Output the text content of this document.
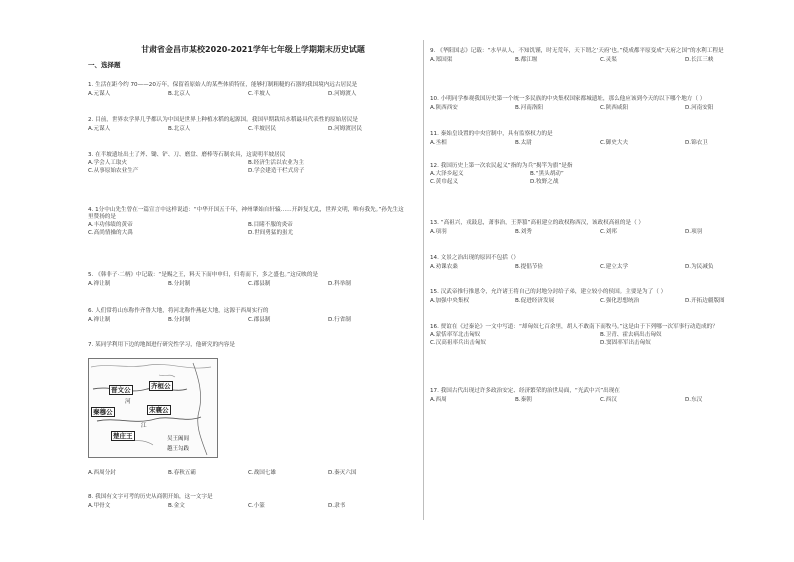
甘肃省金昌市某校2020-2021学年七年级上学期期末历史试题
一、选择题
1. 生活在距今约 70——20万年，保留着原始人的某些体质特征，能够打制粗糙的石器的我国境内远古居民是
A.元谋人	B.北京人	C.半坡人	D.河姆渡人
2. 目前，世界农学界几乎都认为中国是世界上种植水稻的起源国。我国早期栽培水稻最具代表性的原始居民是
A.元谋人	B.北京人	C.半坡居民	D.河姆渡居民
3. 在半坡遗址出土了斧、锄、铲、刀、磨盘、磨棒等石制农具，这说明半坡居民
A.学会人工取火	B.经济生活以农业为主
C.从事原始农业生产	D.学会建造干栏式房子
4. 1分中山先生曾在一篇宣言中这样说道：“中华开国五千年，神州肇始自轩辕……开辟复尤乱，世界文明，唯有我先。”孙先生这里赞扬的是
A.丰功伟绩的黄帝	B.目睹不服的炎帝
C.高尚情操的大禹	D.世间勇猛的蚩尤
5. 《韩非子·二柄》中记载：“是赐之王，料天下而申申归，归将而下，多之盛也。”这反映的是
A.禅让制	B.分封制	C.郡县制	D.科举制
6. 人们常将山东称作齐鲁大地，将河北称作燕赵大地，这源于西周实行的
A.禅让制	B.分封制	C.郡县制	D.行省制
7. 某同学利用下边的地图进行研究性学习，他研究的内容是
晋文公	齐桓公
秦穆公	宋襄公
楚庄王	吴王阖闾
越王勾践
河
江
A.西周分封	B.春秋五霸	C.战国七雄	D.秦灭六国
8. 我国有文字可考的历史从商朝开始，这一文字是
A.甲骨文	B.金文	C.小篆	D.隶书
9. 《华阳国志》记载：“水旱从人，不知饥馑，时无荒年，天下谓之‘天府’也。”使成都平原变成“天府之国”的水利工程是
A.郑国渠	B.都江堰	C.灵渠	D.长江三峡
10. 小明同学参观我国历史第一个统一多民族的中央集权国家都城遗址，那么他应该到今天的以下哪个地方（ ）
A.陕西西安	B.河南洛阳	C.陕西咸阳	D.河南安阳
11. 秦始皇设置的中央官制中，具有监察权力的是
A.丞相	B.太尉	C.御史大夫	D.锦衣卫
12. 我国历史上第一次农民起义”指的为兵”揭竿为旗”是指
A.大泽乡起义	B.“黑头胡动”
C.黄巾起义	D.牧野之战
13. “高祖兴，戎鼓息，萧事治，王莽篡”高祖建立的政权称西汉，该政权高祖的是（ ）
A.项羽	B.刘秀	C.刘邦	D.项羽
14. 文景之治出现的原因不包括（）
A.劝课农桑	B.提倡节俭	C.建立太学	D.为民减负
15. 汉武帝推行推恩令，允许诸王将自己的封地分封给子弟，建立较小的侯国。主要是为了（ ）
A.加强中央集权	B.促进经济发展	C.强化思想统治	D.开拓边疆版图
16. 贾谊在《过秦论》一文中写道：“却匈奴七百余里，胡人不敢南下而牧马。”这是由于下列哪一次军事行动造成的？
A.蒙恬率军北击匈奴	B.卫青、霍去病出击匈奴
C.汉高祖率兵出击匈奴	D.窦固率军出击匈奴
17. 我国古代出现过许多政治安定、经济繁荣的治世局面，“光武中兴”出现在
A.西周	B.秦朝	C.西汉	D.东汉
